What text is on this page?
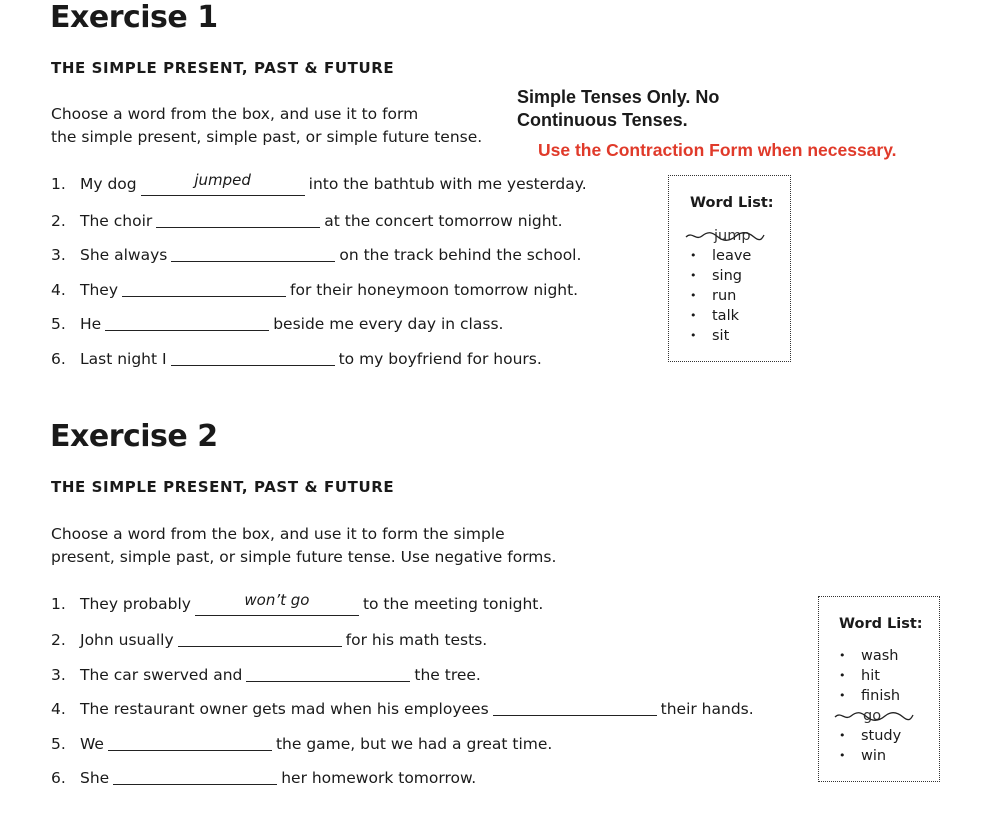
Exercise 1
THE SIMPLE PRESENT, PAST & FUTURE
Choose a word from the box, and use it to form
the simple present, simple past, or simple future tense.
Simple Tenses Only. No
Continuous Tenses.
Use the Contraction Form when necessary.
1. My dog	jumped	into the bathtub with me yesterday.
2. The choir	at the concert tomorrow night.
3. She always	on the track behind the school.
4. They	for their honeymoon tomorrow night.
5. He	beside me every day in class.
6. Last night I	to my boyfriend for hours.
Word List:
jump
• leave
• sing
• run
• talk
• sit
Exercise 2
THE SIMPLE PRESENT, PAST & FUTURE
Choose a word from the box, and use it to form the simple
present, simple past, or simple future tense. Use negative forms.
1. They probably	won’t go	to the meeting tonight.
2. John usually	for his math tests.
3. The car swerved and	the tree.
4. The restaurant owner gets mad when his employees	their hands.
5. We	the game, but we had a great time.
6. She	her homework tomorrow.
Word List:
• wash
• hit
• finish
go
• study
• win
